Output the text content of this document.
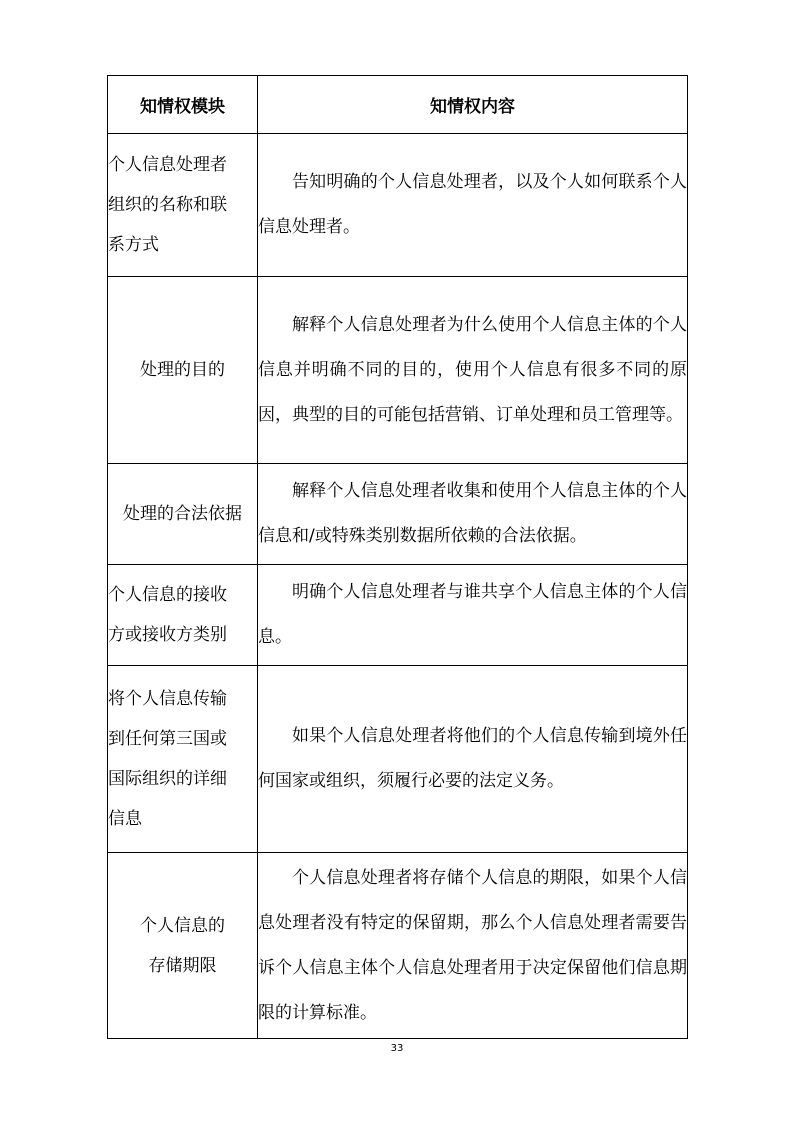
知情权模块	知情权内容

个人信息处理者
组织的名称和联
系方式	告知明确的个人信息处理者，以及个人如何联系个人信息处理者。

处理的目的	解释个人信息处理者为什么使用个人信息主体的个人信息并明确不同的目的，使用个人信息有很多不同的原因，典型的目的可能包括营销、订单处理和员工管理等。

处理的合法依据	解释个人信息处理者收集和使用个人信息主体的个人信息和/或特殊类别数据所依赖的合法依据。

个人信息的接收
方或接收方类别	明确个人信息处理者与谁共享个人信息主体的个人信息。

将个人信息传输
到任何第三国或
国际组织的详细
信息	如果个人信息处理者将他们的个人信息传输到境外任何国家或组织，须履行必要的法定义务。

个人信息的
存储期限	个人信息处理者将存储个人信息的期限，如果个人信息处理者没有特定的保留期，那么个人信息处理者需要告诉个人信息主体个人信息处理者用于决定保留他们信息期限的计算标准。

33
